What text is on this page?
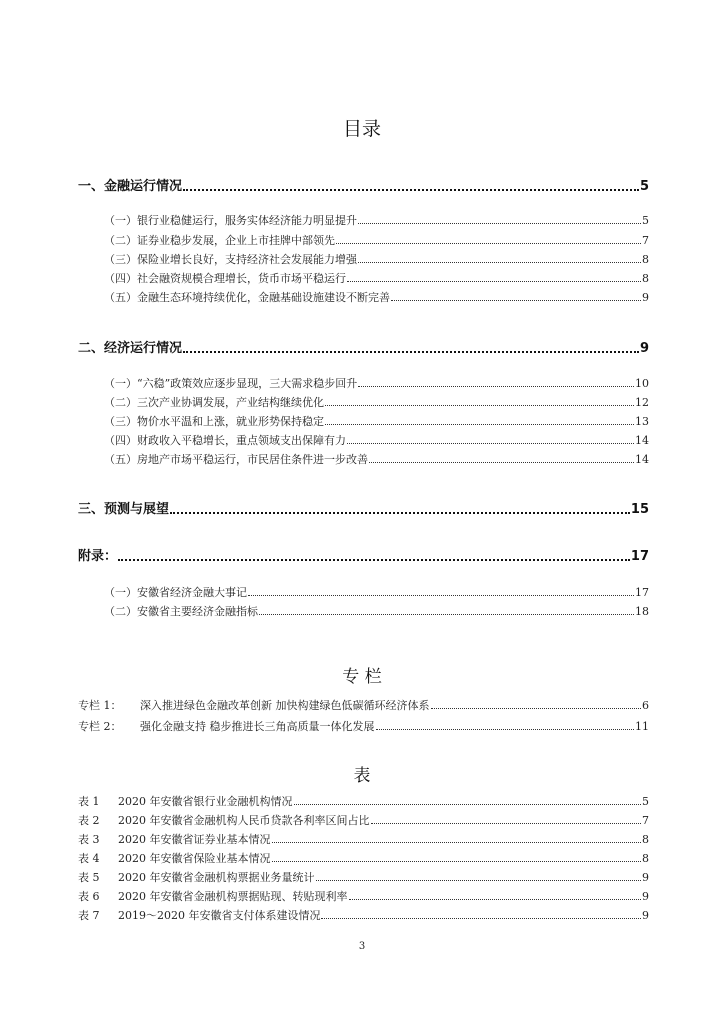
目录
一、金融运行情况	5
（一）银行业稳健运行，服务实体经济能力明显提升	5
（二）证券业稳步发展，企业上市挂牌中部领先	7
（三）保险业增长良好，支持经济社会发展能力增强	8
（四）社会融资规模合理增长，货币市场平稳运行	8
（五）金融生态环境持续优化，金融基础设施建设不断完善	9
二、经济运行情况	9
（一）“六稳”政策效应逐步显现，三大需求稳步回升	10
（二）三次产业协调发展，产业结构继续优化	12
（三）物价水平温和上涨，就业形势保持稳定	13
（四）财政收入平稳增长，重点领域支出保障有力	14
（五）房地产市场平稳运行，市民居住条件进一步改善	14
三、预测与展望	15
附录：	17
（一）安徽省经济金融大事记	17
（二）安徽省主要经济金融指标	18
专 栏
专栏 1： 深入推进绿色金融改革创新 加快构建绿色低碳循环经济体系	6
专栏 2： 强化金融支持 稳步推进长三角高质量一体化发展	11
表
表 1 2020 年安徽省银行业金融机构情况	5
表 2 2020 年安徽省金融机构人民币贷款各利率区间占比	7
表 3 2020 年安徽省证券业基本情况	8
表 4 2020 年安徽省保险业基本情况	8
表 5 2020 年安徽省金融机构票据业务量统计	9
表 6 2020 年安徽省金融机构票据贴现、转贴现利率	9
表 7 2019～2020 年安徽省支付体系建设情况	9
3
